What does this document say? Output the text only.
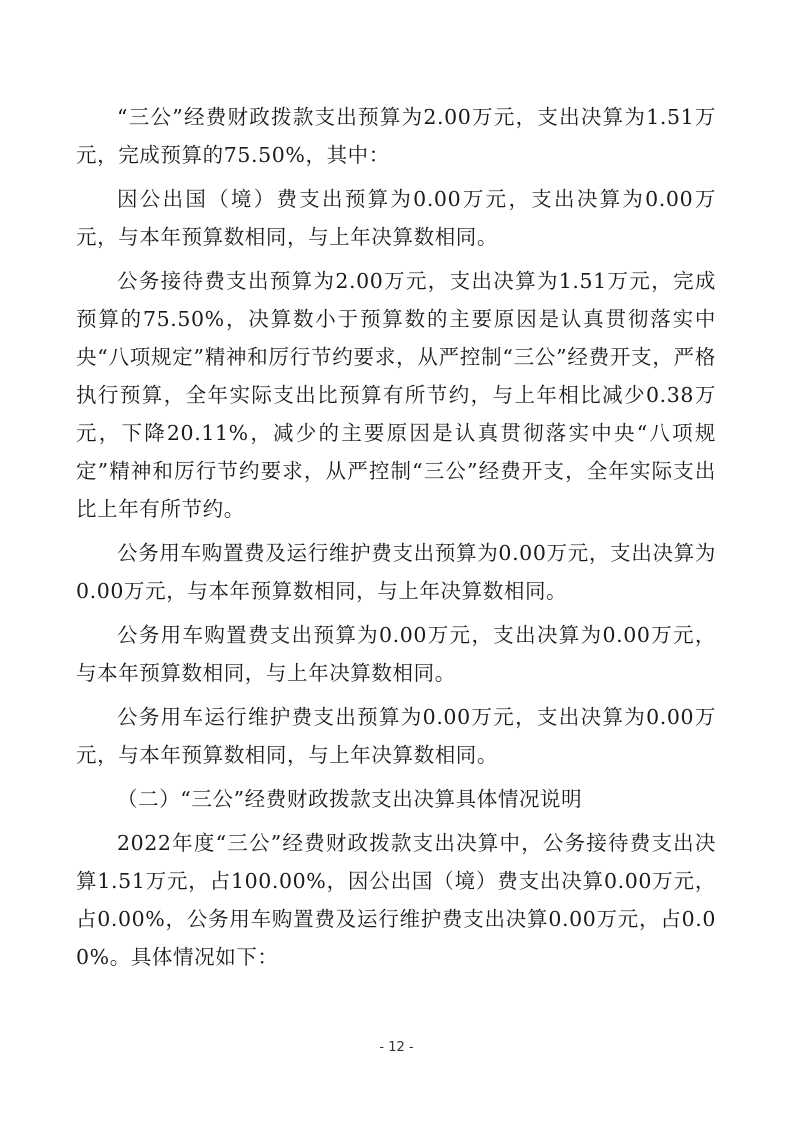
“三公”经费财政拨款支出预算为2.00万元，支出决算为1.51万元，完成预算的75.50%，其中：

因公出国（境）费支出预算为0.00万元，支出决算为0.00万元，与本年预算数相同，与上年决算数相同。

公务接待费支出预算为2.00万元，支出决算为1.51万元，完成预算的75.50%，决算数小于预算数的主要原因是认真贯彻落实中央“八项规定”精神和厉行节约要求，从严控制“三公”经费开支，严格执行预算，全年实际支出比预算有所节约，与上年相比减少0.38万元，下降20.11%，减少的主要原因是认真贯彻落实中央“八项规定”精神和厉行节约要求，从严控制“三公”经费开支，全年实际支出比上年有所节约。

公务用车购置费及运行维护费支出预算为0.00万元，支出决算为0.00万元，与本年预算数相同，与上年决算数相同。

公务用车购置费支出预算为0.00万元，支出决算为0.00万元，与本年预算数相同，与上年决算数相同。

公务用车运行维护费支出预算为0.00万元，支出决算为0.00万元，与本年预算数相同，与上年决算数相同。

（二）“三公”经费财政拨款支出决算具体情况说明

2022年度“三公”经费财政拨款支出决算中，公务接待费支出决算1.51万元，占100.00%，因公出国（境）费支出决算0.00万元，占0.00%，公务用车购置费及运行维护费支出决算0.00万元，占0.00%。具体情况如下：

- 12 -
